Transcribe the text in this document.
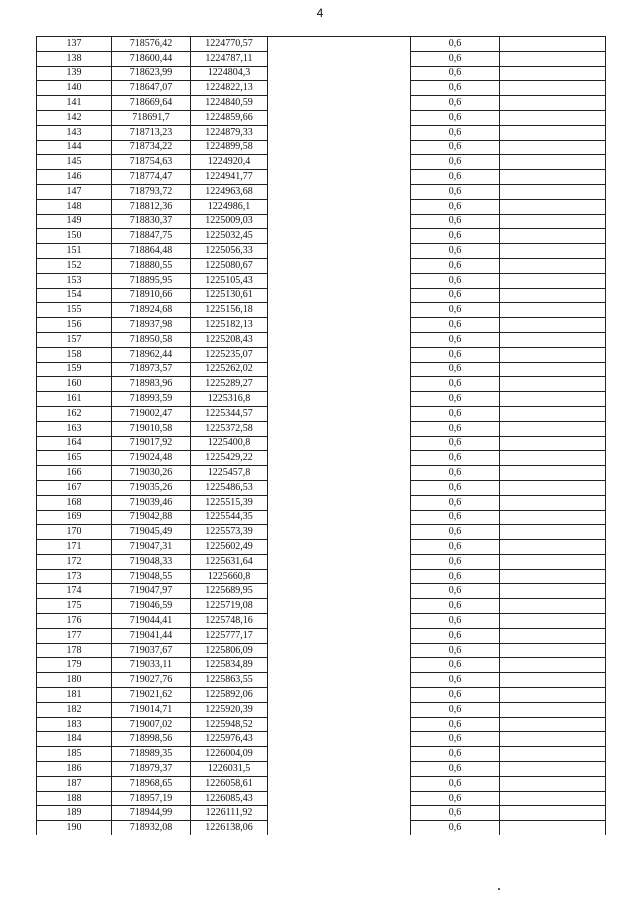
4
137	718576,42	1224770,57		0,6	
138	718600,44	1224787,11		0,6	
139	718623,99	1224804,3		0,6	
140	718647,07	1224822,13		0,6	
141	718669,64	1224840,59		0,6	
142	718691,7	1224859,66		0,6	
143	718713,23	1224879,33		0,6	
144	718734,22	1224899,58		0,6	
145	718754,63	1224920,4		0,6	
146	718774,47	1224941,77		0,6	
147	718793,72	1224963,68		0,6	
148	718812,36	1224986,1		0,6	
149	718830,37	1225009,03		0,6	
150	718847,75	1225032,45		0,6	
151	718864,48	1225056,33		0,6	
152	718880,55	1225080,67		0,6	
153	718895,95	1225105,43		0,6	
154	718910,66	1225130,61		0,6	
155	718924,68	1225156,18		0,6	
156	718937,98	1225182,13		0,6	
157	718950,58	1225208,43		0,6	
158	718962,44	1225235,07		0,6	
159	718973,57	1225262,02		0,6	
160	718983,96	1225289,27		0,6	
161	718993,59	1225316,8		0,6	
162	719002,47	1225344,57		0,6	
163	719010,58	1225372,58		0,6	
164	719017,92	1225400,8		0,6	
165	719024,48	1225429,22		0,6	
166	719030,26	1225457,8		0,6	
167	719035,26	1225486,53		0,6	
168	719039,46	1225515,39		0,6	
169	719042,88	1225544,35		0,6	
170	719045,49	1225573,39		0,6	
171	719047,31	1225602,49		0,6	
172	719048,33	1225631,64		0,6	
173	719048,55	1225660,8		0,6	
174	719047,97	1225689,95		0,6	
175	719046,59	1225719,08		0,6	
176	719044,41	1225748,16		0,6	
177	719041,44	1225777,17		0,6	
178	719037,67	1225806,09		0,6	
179	719033,11	1225834,89		0,6	
180	719027,76	1225863,55		0,6	
181	719021,62	1225892,06		0,6	
182	719014,71	1225920,39		0,6	
183	719007,02	1225948,52		0,6	
184	718998,56	1225976,43		0,6	
185	718989,35	1226004,09		0,6	
186	718979,37	1226031,5		0,6	
187	718968,65	1226058,61		0,6	
188	718957,19	1226085,43		0,6	
189	718944,99	1226111,92		0,6	
190	718932,08	1226138,06		0,6	
